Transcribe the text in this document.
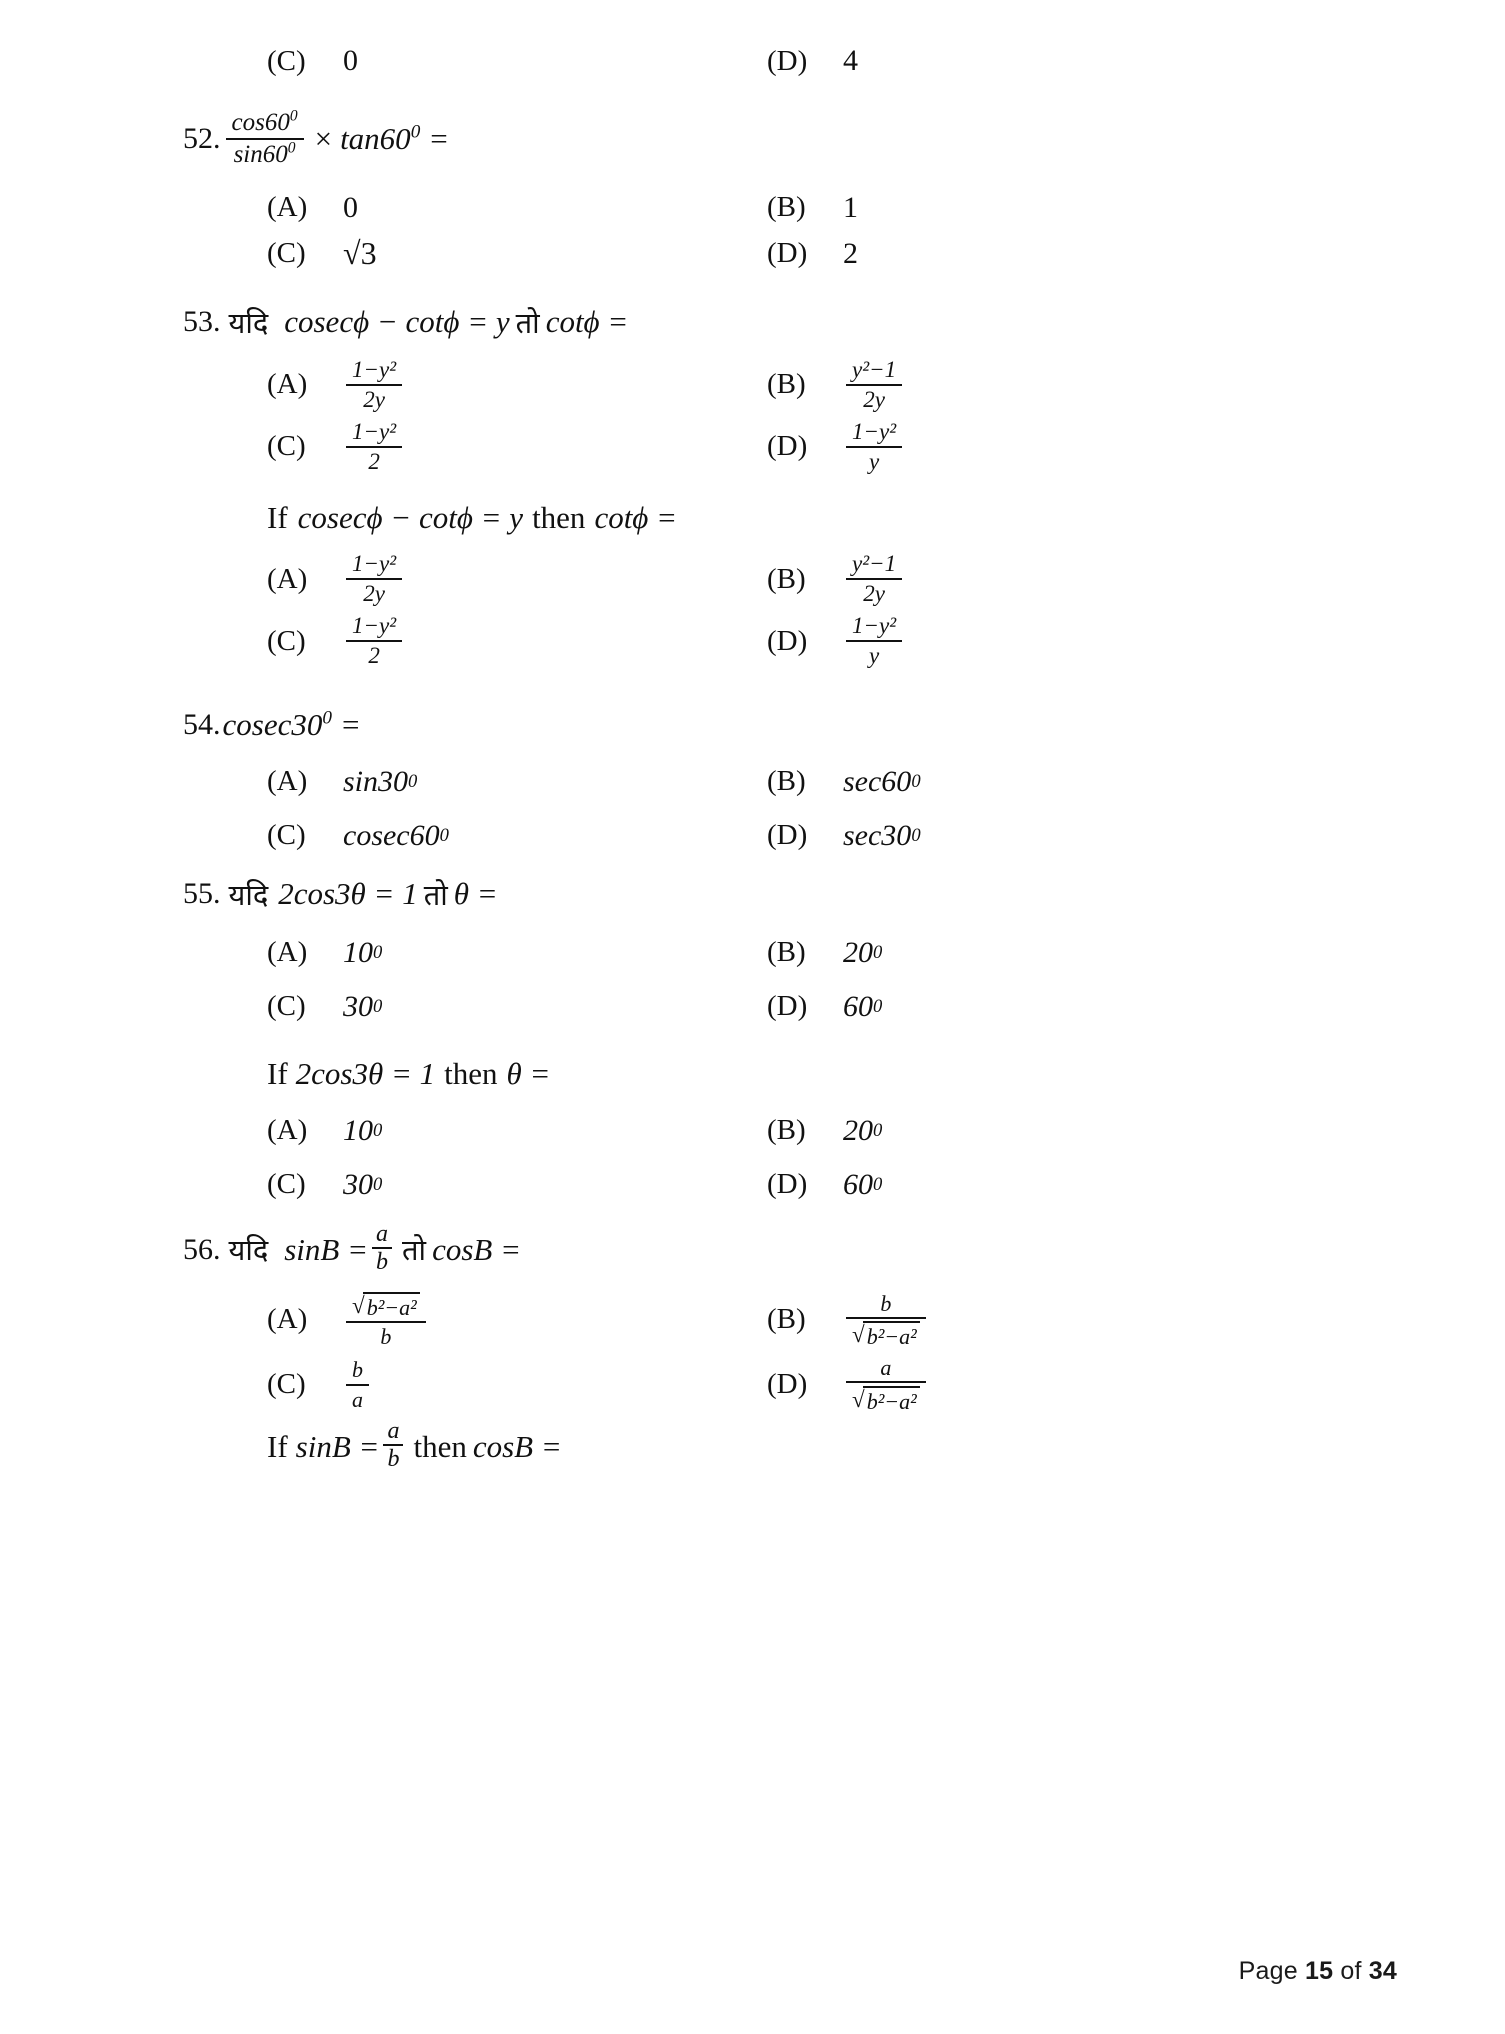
(C)	0	(D)	4
52. $\frac{\cos 60^0}{\sin 60^0} \times \tan 60^0$ =
(A)	0	(B)	1
(C)	√3	(D)	2
53. यदि cosecϕ − cotϕ = y तो cotϕ =
(A)	$\frac{\text{1−y²}}{2y}$	(B)	$\frac{\text{y²−1}}{2y}$
(C)	$\frac{\text{1−y²}}{2}$	(D)	$\frac{\text{1−y²}}{y}$
If cosecϕ − cotϕ = y then cotϕ =
(A)	$\frac{\text{1−y²}}{2y}$	(B)	$\frac{\text{y²−1}}{2y}$
(C)	$\frac{\text{1−y²}}{2}$	(D)	$\frac{\text{1−y²}}{y}$
54. $cosec30^0$ =
(A)	sin30 0	(B)	sec60 0
(C)	cosec60 0	(D)	sec30 0
55. यदि 2cos3θ = 1 तो θ =
(A)	10 0	(B)	20 0
(C)	30 0	(D)	60 0
If 2cos3θ = 1 then θ =
(A)	10 0	(B)	20 0
(C)	30 0	(D)	60 0
56. यदि $\sin B = \frac{a}{b}$ तो cosB =
(A)	$\frac{\text{√ b²−a²}}{b}$	(B)	$\frac{b}{\text{√ b²−a²}}$
(C)	$\frac{b}{a}$	(D)	$\frac{a}{\text{√ b²−a²}}$
If $\sin B = \frac{a}{b}$ then cosB =
Page 15 of 34
